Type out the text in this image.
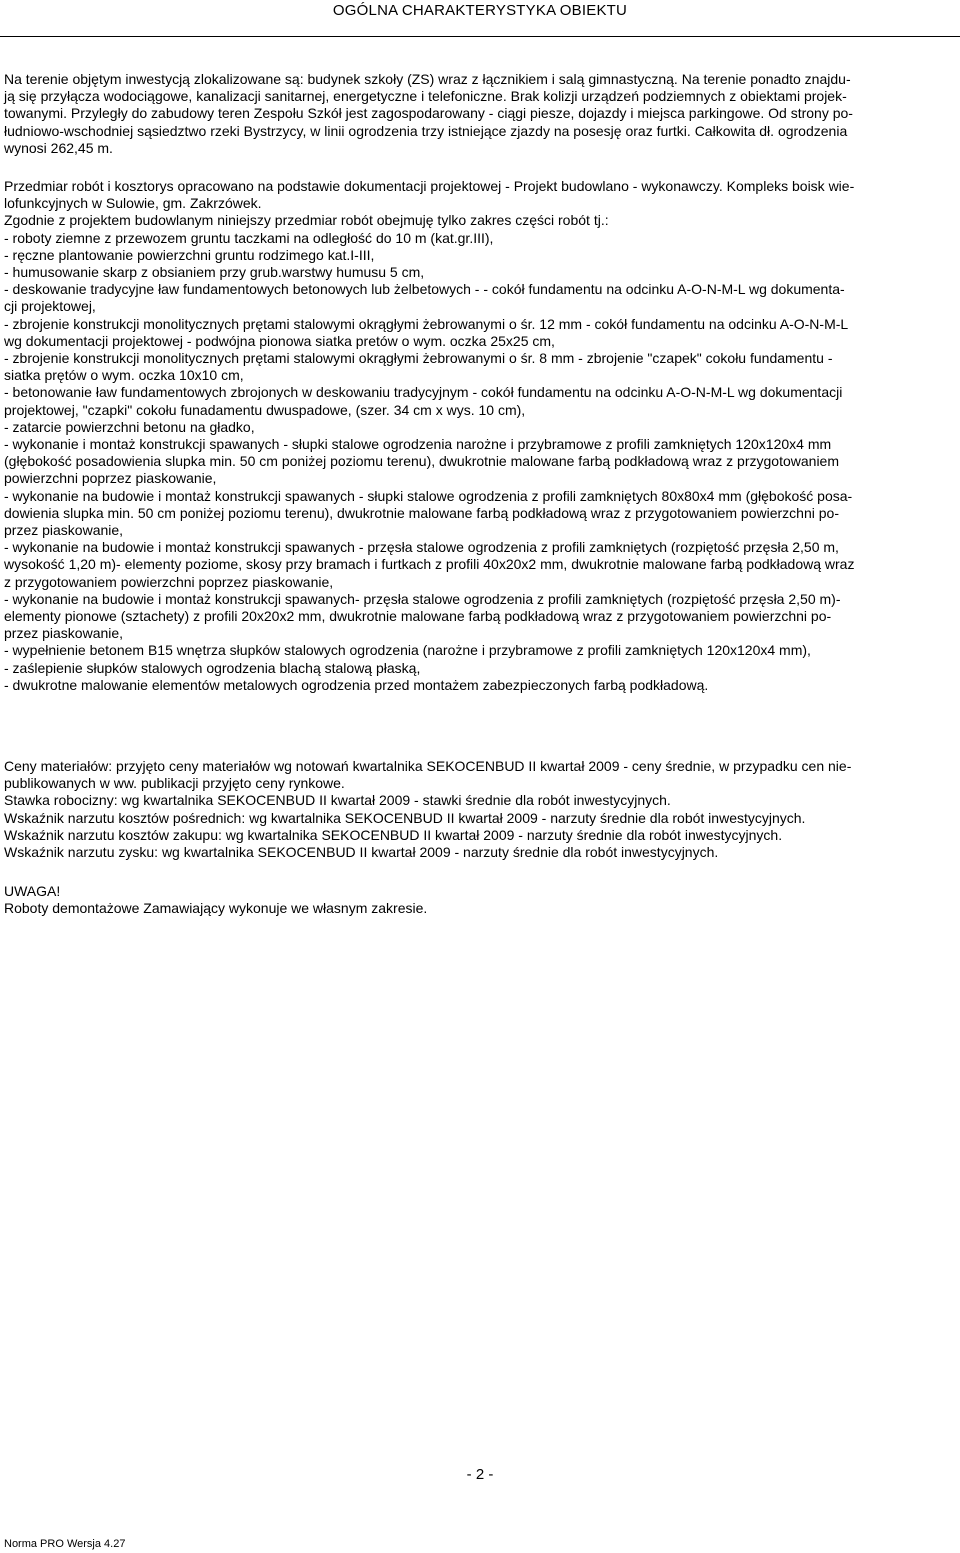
OGÓLNA CHARAKTERYSTYKA OBIEKTU
Na terenie objętym inwestycją zlokalizowane są: budynek szkoły (ZS) wraz z łącznikiem i salą gimnastyczną. Na terenie ponadto znajdu-
ją się przyłącza wodociągowe, kanalizacji sanitarnej, energetyczne i telefoniczne. Brak kolizji urządzeń podziemnych z obiektami projek-
towanymi. Przyległy do zabudowy teren Zespołu Szkół jest zagospodarowany - ciągi piesze, dojazdy i miejsca parkingowe. Od strony po-
łudniowo-wschodniej sąsiedztwo rzeki Bystrzycy, w linii ogrodzenia trzy istniejące zjazdy na posesję oraz furtki. Całkowita dł. ogrodzenia
wynosi 262,45 m.
Przedmiar robót i kosztorys opracowano na podstawie dokumentacji projektowej - Projekt budowlano - wykonawczy. Kompleks boisk wie-
lofunkcyjnych w Sulowie, gm. Zakrzówek.
Zgodnie z projektem budowlanym niniejszy przedmiar robót obejmuję tylko zakres części robót tj.:
- roboty ziemne z przewozem gruntu taczkami na odległość do 10 m (kat.gr.III),
- ręczne plantowanie powierzchni gruntu rodzimego kat.I-III,
- humusowanie skarp z obsianiem przy grub.warstwy humusu 5 cm,
- deskowanie tradycyjne ław fundamentowych betonowych lub żelbetowych - - cokół fundamentu na odcinku A-O-N-M-L wg dokumenta-
cji projektowej,
- zbrojenie konstrukcji monolitycznych prętami stalowymi okrągłymi żebrowanymi o śr. 12 mm - cokół fundamentu na odcinku A-O-N-M-L
wg dokumentacji projektowej - podwójna pionowa siatka pretów o wym. oczka 25x25 cm,
- zbrojenie konstrukcji monolitycznych prętami stalowymi okrągłymi żebrowanymi o śr. 8 mm - zbrojenie "czapek" cokołu fundamentu -
siatka prętów o wym. oczka 10x10 cm,
- betonowanie ław fundamentowych zbrojonych w deskowaniu tradycyjnym - cokół fundamentu na odcinku A-O-N-M-L wg dokumentacji
projektowej, "czapki" cokołu funadamentu dwuspadowe, (szer. 34 cm x wys. 10 cm),
- zatarcie powierzchni betonu na gładko,
- wykonanie i montaż konstrukcji spawanych - słupki stalowe ogrodzenia narożne i przybramowe z profili zamkniętych 120x120x4 mm
(głębokość posadowienia slupka min. 50 cm poniżej poziomu terenu), dwukrotnie malowane farbą podkładową wraz z przygotowaniem
powierzchni poprzez piaskowanie,
- wykonanie na budowie i montaż konstrukcji spawanych - słupki stalowe ogrodzenia z profili zamkniętych 80x80x4 mm (głębokość posa-
dowienia slupka min. 50 cm poniżej poziomu terenu), dwukrotnie malowane farbą podkładową wraz z przygotowaniem powierzchni po-
przez piaskowanie,
- wykonanie na budowie i montaż konstrukcji spawanych - przęsła stalowe ogrodzenia z profili zamkniętych (rozpiętość przęsła 2,50 m,
wysokość 1,20 m)- elementy poziome, skosy przy bramach i furtkach z profili 40x20x2 mm, dwukrotnie malowane farbą podkładową wraz
z przygotowaniem powierzchni poprzez piaskowanie,
- wykonanie na budowie i montaż konstrukcji spawanych- przęsła stalowe ogrodzenia z profili zamkniętych (rozpiętość przęsła 2,50 m)-
elementy pionowe (sztachety) z profili 20x20x2 mm, dwukrotnie malowane farbą podkładową wraz z przygotowaniem powierzchni po-
przez piaskowanie,
- wypełnienie betonem B15 wnętrza słupków stalowych ogrodzenia (narożne i przybramowe z profili zamkniętych 120x120x4 mm),
- zaślepienie słupków stalowych ogrodzenia blachą stalową płaską,
- dwukrotne malowanie elementów metalowych ogrodzenia przed montażem zabezpieczonych farbą podkładową.
Ceny materiałów: przyjęto ceny materiałów wg notowań kwartalnika SEKOCENBUD II kwartał 2009 - ceny średnie, w przypadku cen nie-
publikowanych w ww. publikacji przyjęto ceny rynkowe.
Stawka robocizny: wg kwartalnika SEKOCENBUD II kwartał 2009 - stawki średnie dla robót inwestycyjnych.
Wskaźnik narzutu kosztów pośrednich: wg kwartalnika SEKOCENBUD II kwartał 2009 - narzuty średnie dla robót inwestycyjnych.
Wskaźnik narzutu kosztów zakupu: wg kwartalnika SEKOCENBUD II kwartał 2009 - narzuty średnie dla robót inwestycyjnych.
Wskaźnik narzutu zysku: wg kwartalnika SEKOCENBUD II kwartał 2009 - narzuty średnie dla robót inwestycyjnych.
UWAGA!
Roboty demontażowe Zamawiający wykonuje we własnym zakresie.
- 2 -
Norma PRO Wersja 4.27
